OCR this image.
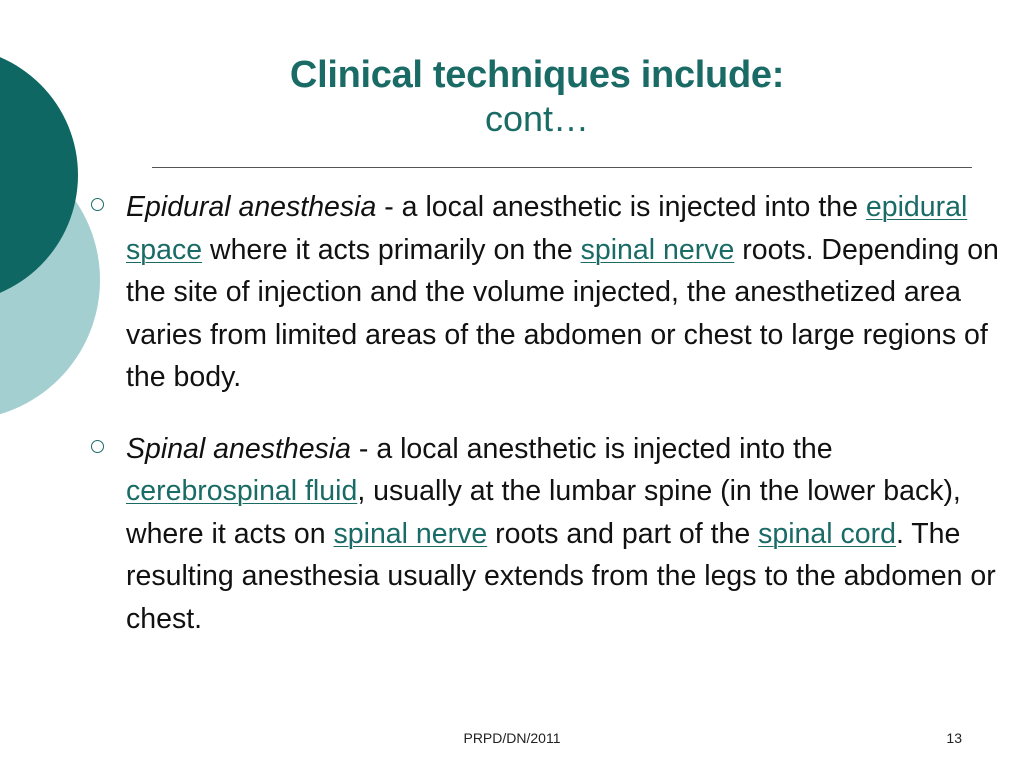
Clinical techniques include:
cont…
Epidural anesthesia - a local anesthetic is injected into the epidural space where it acts primarily on the spinal nerve roots. Depending on the site of injection and the volume injected, the anesthetized area varies from limited areas of the abdomen or chest to large regions of the body.
Spinal anesthesia - a local anesthetic is injected into the cerebrospinal fluid, usually at the lumbar spine (in the lower back), where it acts on spinal nerve roots and part of the spinal cord. The resulting anesthesia usually extends from the legs to the abdomen or chest.
PRPD/DN/2011	13
